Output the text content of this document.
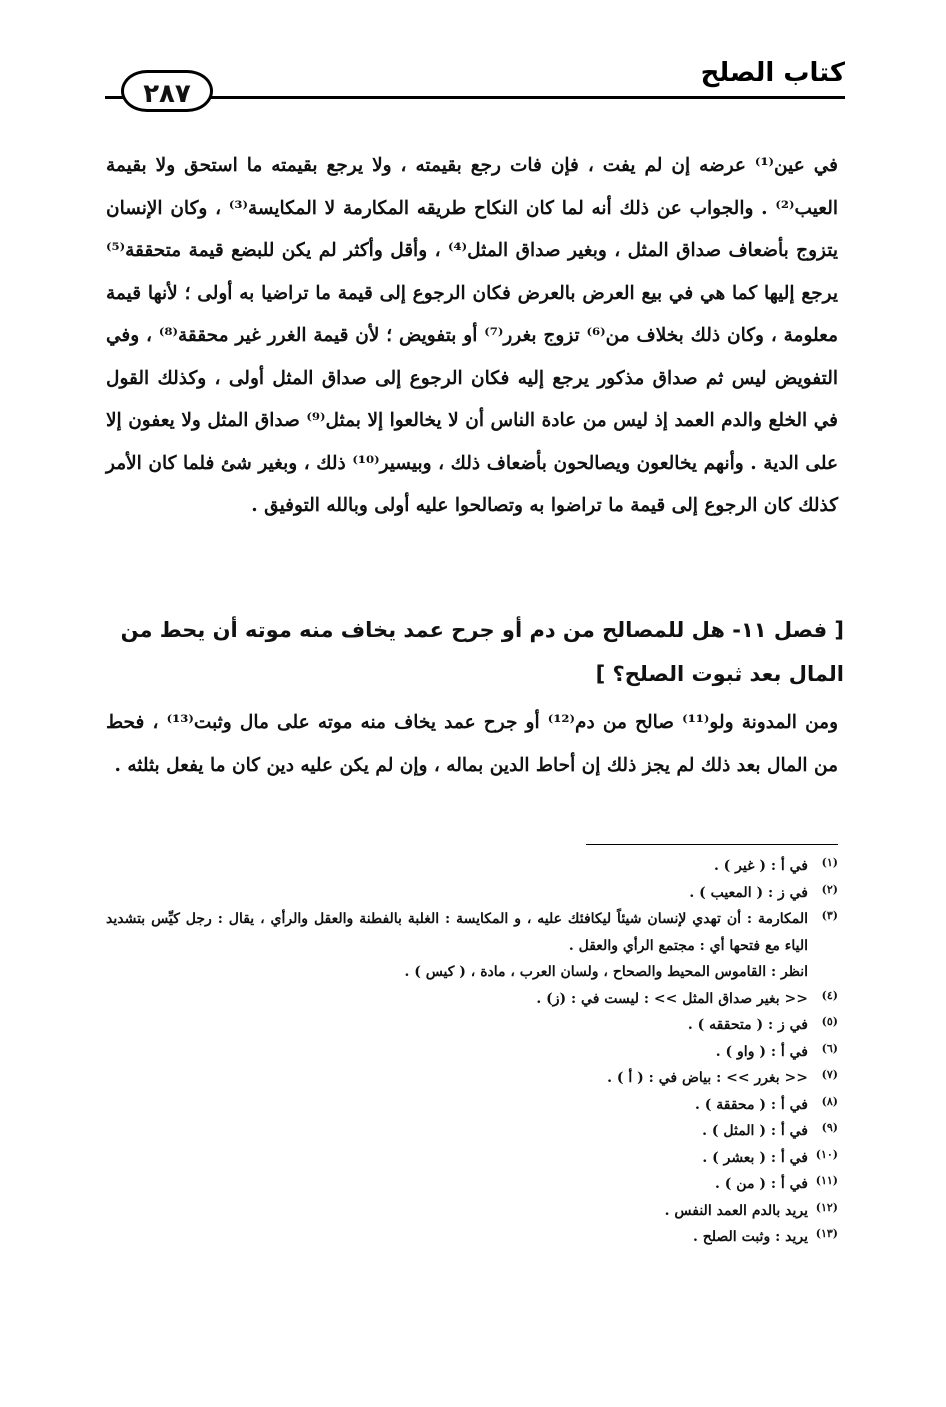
كتاب الصلح
٢٨٧

في عين⁽¹⁾ عرضه إن لم يفت ، فإن فات رجع بقيمته ، ولا يرجع بقيمته ما استحق ولا بقيمة العيب⁽²⁾ . والجواب عن ذلك أنه لما كان النكاح طريقه المكارمة لا المكايسة⁽³⁾ ، وكان الإنسان يتزوج بأضعاف صداق المثل ، وبغير صداق المثل⁽⁴⁾ ، وأقل وأكثر لم يكن للبضع قيمة متحققة⁽⁵⁾ يرجع إليها كما هي في بيع العرض بالعرض فكان الرجوع إلى قيمة ما تراضيا به أولى ؛ لأنها قيمة معلومة ، وكان ذلك بخلاف من⁽⁶⁾ تزوج بغرر⁽⁷⁾ أو بتفويض ؛ لأن قيمة الغرر غير محققة⁽⁸⁾ ، وفي التفويض ليس ثم صداق مذكور يرجع إليه فكان الرجوع إلى صداق المثل أولى ، وكذلك القول في الخلع والدم العمد إذ ليس من عادة الناس أن لا يخالعوا إلا بمثل⁽⁹⁾ صداق المثل ولا يعفون إلا على الدية . وأنهم يخالعون ويصالحون بأضعاف ذلك ، وبيسير⁽¹⁰⁾ ذلك ، وبغير شئ فلما كان الأمر كذلك كان الرجوع إلى قيمة ما تراضوا به وتصالحوا عليه أولى وبالله التوفيق .

[ فصل ١١- هل للمصالح من دم أو جرح عمد يخاف منه موته أن يحط من المال بعد ثبوت الصلح؟ ]

ومن المدونة ولو⁽¹¹⁾ صالح من دم⁽¹²⁾ أو جرح عمد يخاف منه موته على مال وثبت⁽¹³⁾ ، فحط من المال بعد ذلك لم يجز ذلك إن أحاط الدين بماله ، وإن لم يكن عليه دين كان ما يفعل بثلثه .

(١)
في أ : ( غير ) .
(٢)
في ز : ( المعيب ) .
(٣)
المكارمة : أن تهدي لإنسان شيئاً ليكافئك عليه ، و المكايسة : الغلبة بالفطنة والعقل والرأي ، يقال : رجل كيِّس بتشديد الياء مع فتحها أي : مجتمع الرأي والعقل .
انظر : القاموس المحيط والصحاح ، ولسان العرب ، مادة ، ( كيس ) .
(٤)
<< بغير صداق المثل >> : ليست في : (ز) .
(٥)
في ز : ( متحققه ) .
(٦)
في أ : ( واو ) .
(٧)
<< بغرر >> : بياض في : ( أ ) .
(٨)
في أ : ( محققة ) .
(٩)
في أ : ( المثل ) .
(١٠)
في أ : ( بعشر ) .
(١١)
في أ : ( من ) .
(١٢)
يريد بالدم العمد النفس .
(١٣)
يريد : وثبت الصلح .
